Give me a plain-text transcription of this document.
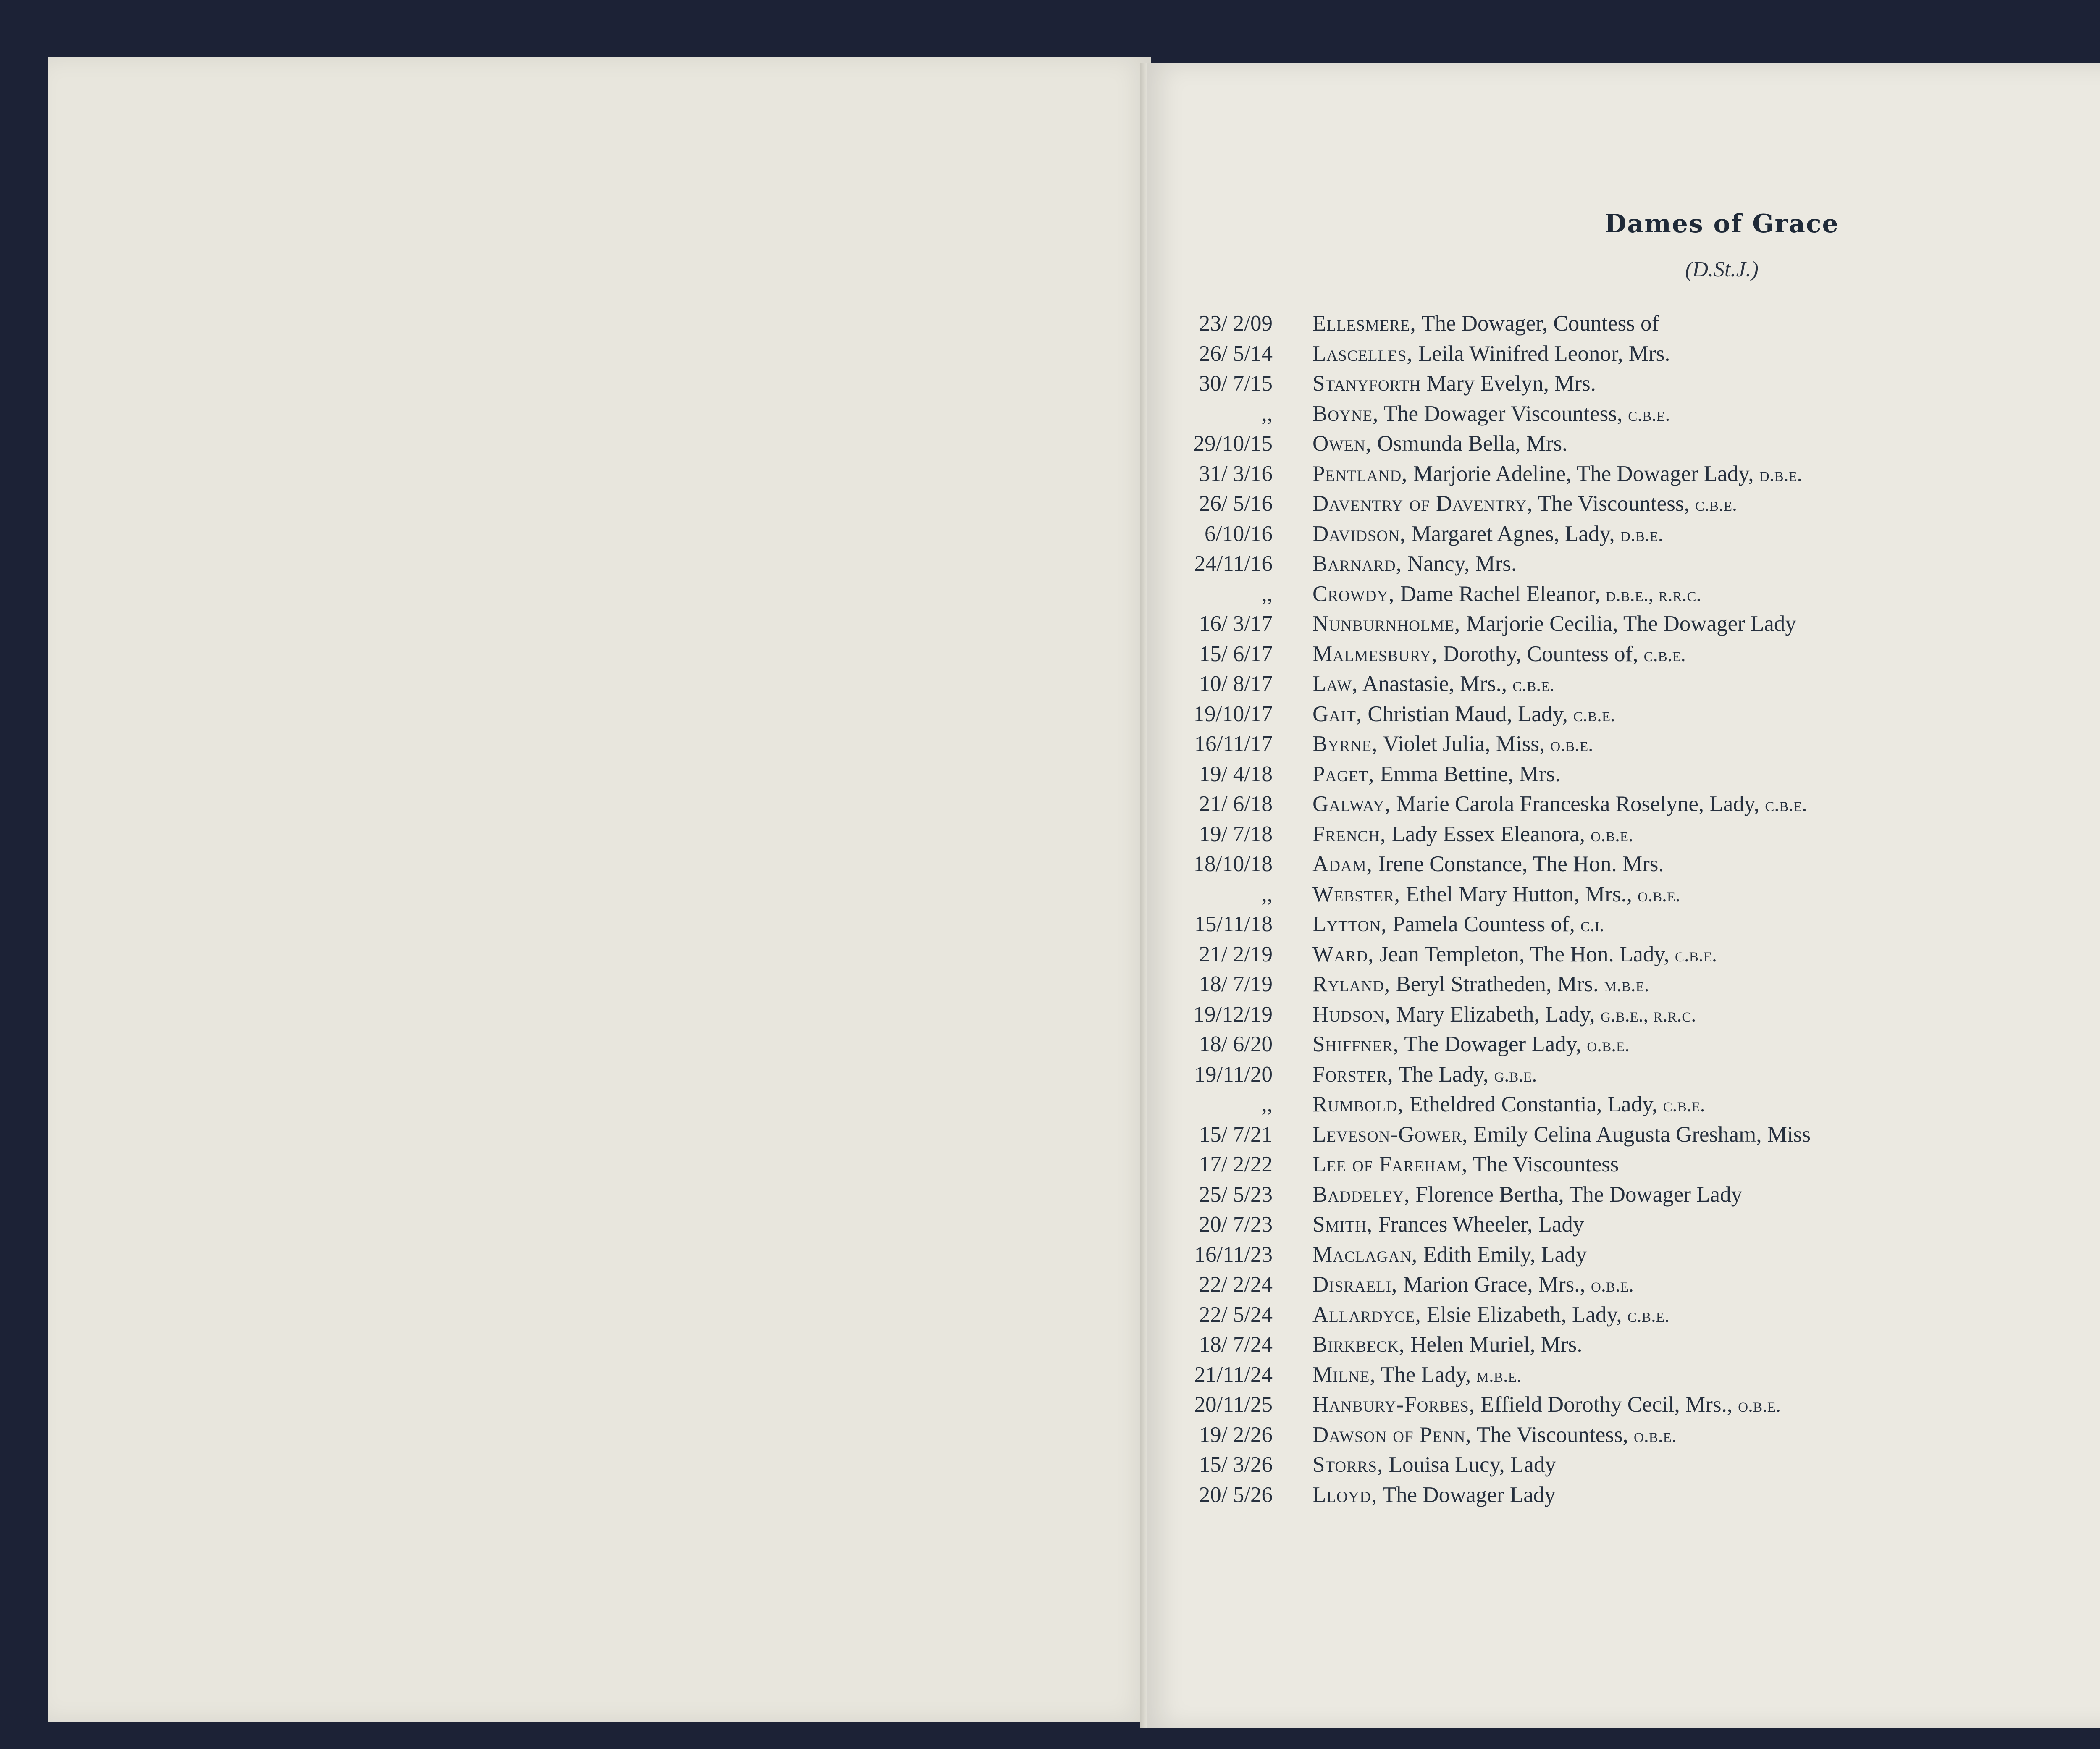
Dames of Grace
(D.St.J.)
23/ 2/09 Ellesmere, The Dowager, Countess of
26/ 5/14 Lascelles, Leila Winifred Leonor, Mrs.
30/ 7/15 Stanyforth Mary Evelyn, Mrs.
,, Boyne, The Dowager Viscountess, c.b.e.
29/10/15 Owen, Osmunda Bella, Mrs.
31/ 3/16 Pentland, Marjorie Adeline, The Dowager Lady, d.b.e.
26/ 5/16 Daventry of Daventry, The Viscountess, c.b.e.
6/10/16 Davidson, Margaret Agnes, Lady, d.b.e.
24/11/16 Barnard, Nancy, Mrs.
,, Crowdy, Dame Rachel Eleanor, d.b.e., r.r.c.
16/ 3/17 Nunburnholme, Marjorie Cecilia, The Dowager Lady
15/ 6/17 Malmesbury, Dorothy, Countess of, c.b.e.
10/ 8/17 Law, Anastasie, Mrs., c.b.e.
19/10/17 Gait, Christian Maud, Lady, c.b.e.
16/11/17 Byrne, Violet Julia, Miss, o.b.e.
19/ 4/18 Paget, Emma Bettine, Mrs.
21/ 6/18 Galway, Marie Carola Franceska Roselyne, Lady, c.b.e.
19/ 7/18 French, Lady Essex Eleanora, o.b.e.
18/10/18 Adam, Irene Constance, The Hon. Mrs.
,, Webster, Ethel Mary Hutton, Mrs., o.b.e.
15/11/18 Lytton, Pamela Countess of, c.i.
21/ 2/19 Ward, Jean Templeton, The Hon. Lady, c.b.e.
18/ 7/19 Ryland, Beryl Stratheden, Mrs. m.b.e.
19/12/19 Hudson, Mary Elizabeth, Lady, g.b.e., r.r.c.
18/ 6/20 Shiffner, The Dowager Lady, o.b.e.
19/11/20 Forster, The Lady, g.b.e.
,, Rumbold, Etheldred Constantia, Lady, c.b.e.
15/ 7/21 Leveson-Gower, Emily Celina Augusta Gresham, Miss
17/ 2/22 Lee of Fareham, The Viscountess
25/ 5/23 Baddeley, Florence Bertha, The Dowager Lady
20/ 7/23 Smith, Frances Wheeler, Lady
16/11/23 Maclagan, Edith Emily, Lady
22/ 2/24 Disraeli, Marion Grace, Mrs., o.b.e.
22/ 5/24 Allardyce, Elsie Elizabeth, Lady, c.b.e.
18/ 7/24 Birkbeck, Helen Muriel, Mrs.
21/11/24 Milne, The Lady, m.b.e.
20/11/25 Hanbury-Forbes, Effield Dorothy Cecil, Mrs., o.b.e.
19/ 2/26 Dawson of Penn, The Viscountess, o.b.e.
15/ 3/26 Storrs, Louisa Lucy, Lady
20/ 5/26 Lloyd, The Dowager Lady
